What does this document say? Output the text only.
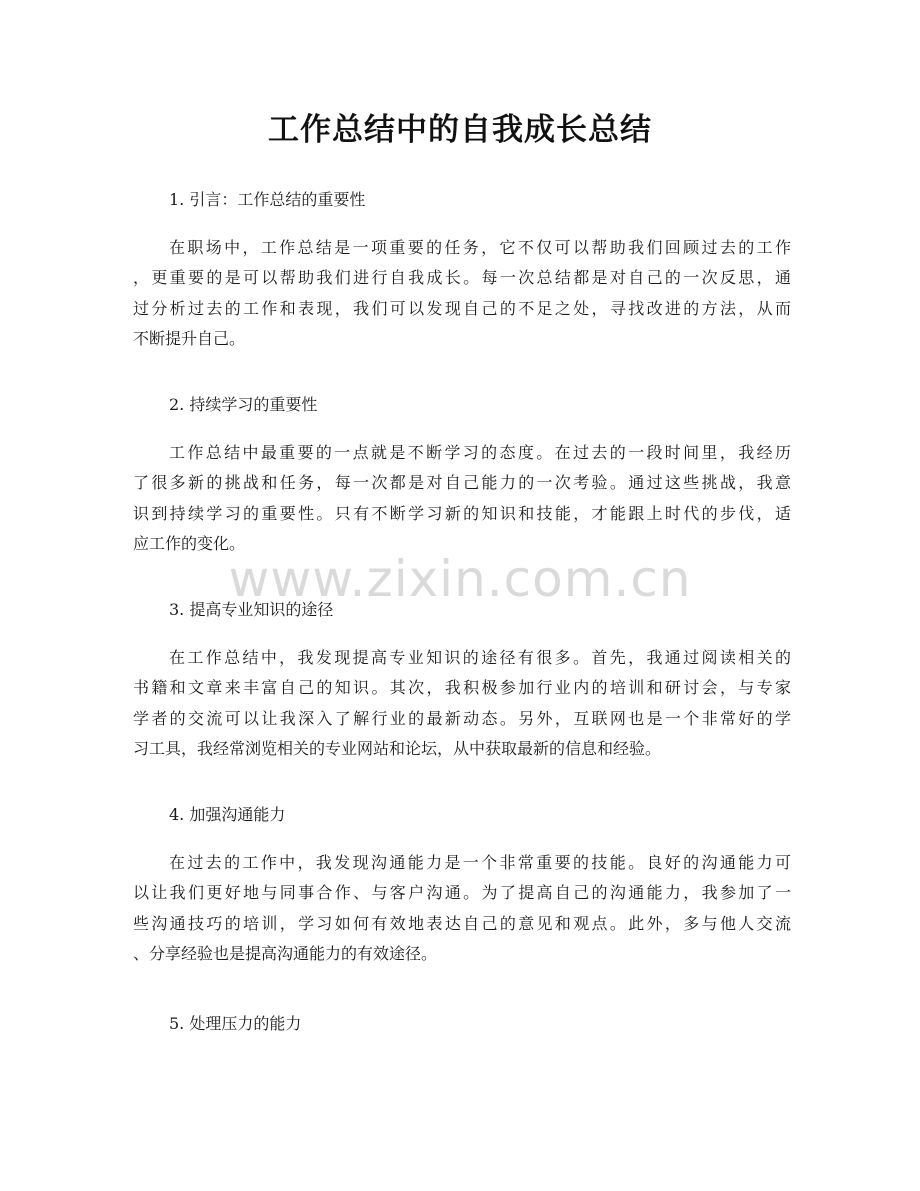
工作总结中的自我成长总结

1. 引言：工作总结的重要性

在职场中，工作总结是一项重要的任务，它不仅可以帮助我们回顾过去的工作
，更重要的是可以帮助我们进行自我成长。每一次总结都是对自己的一次反思，通
过分析过去的工作和表现，我们可以发现自己的不足之处，寻找改进的方法，从而
不断提升自己。

2. 持续学习的重要性

工作总结中最重要的一点就是不断学习的态度。在过去的一段时间里，我经历
了很多新的挑战和任务，每一次都是对自己能力的一次考验。通过这些挑战，我意
识到持续学习的重要性。只有不断学习新的知识和技能，才能跟上时代的步伐，适
应工作的变化。

3. 提高专业知识的途径

在工作总结中，我发现提高专业知识的途径有很多。首先，我通过阅读相关的
书籍和文章来丰富自己的知识。其次，我积极参加行业内的培训和研讨会，与专家
学者的交流可以让我深入了解行业的最新动态。另外，互联网也是一个非常好的学
习工具，我经常浏览相关的专业网站和论坛，从中获取最新的信息和经验。

4. 加强沟通能力

在过去的工作中，我发现沟通能力是一个非常重要的技能。良好的沟通能力可
以让我们更好地与同事合作、与客户沟通。为了提高自己的沟通能力，我参加了一
些沟通技巧的培训，学习如何有效地表达自己的意见和观点。此外，多与他人交流
、分享经验也是提高沟通能力的有效途径。

5. 处理压力的能力

www.zixin.com.cn
